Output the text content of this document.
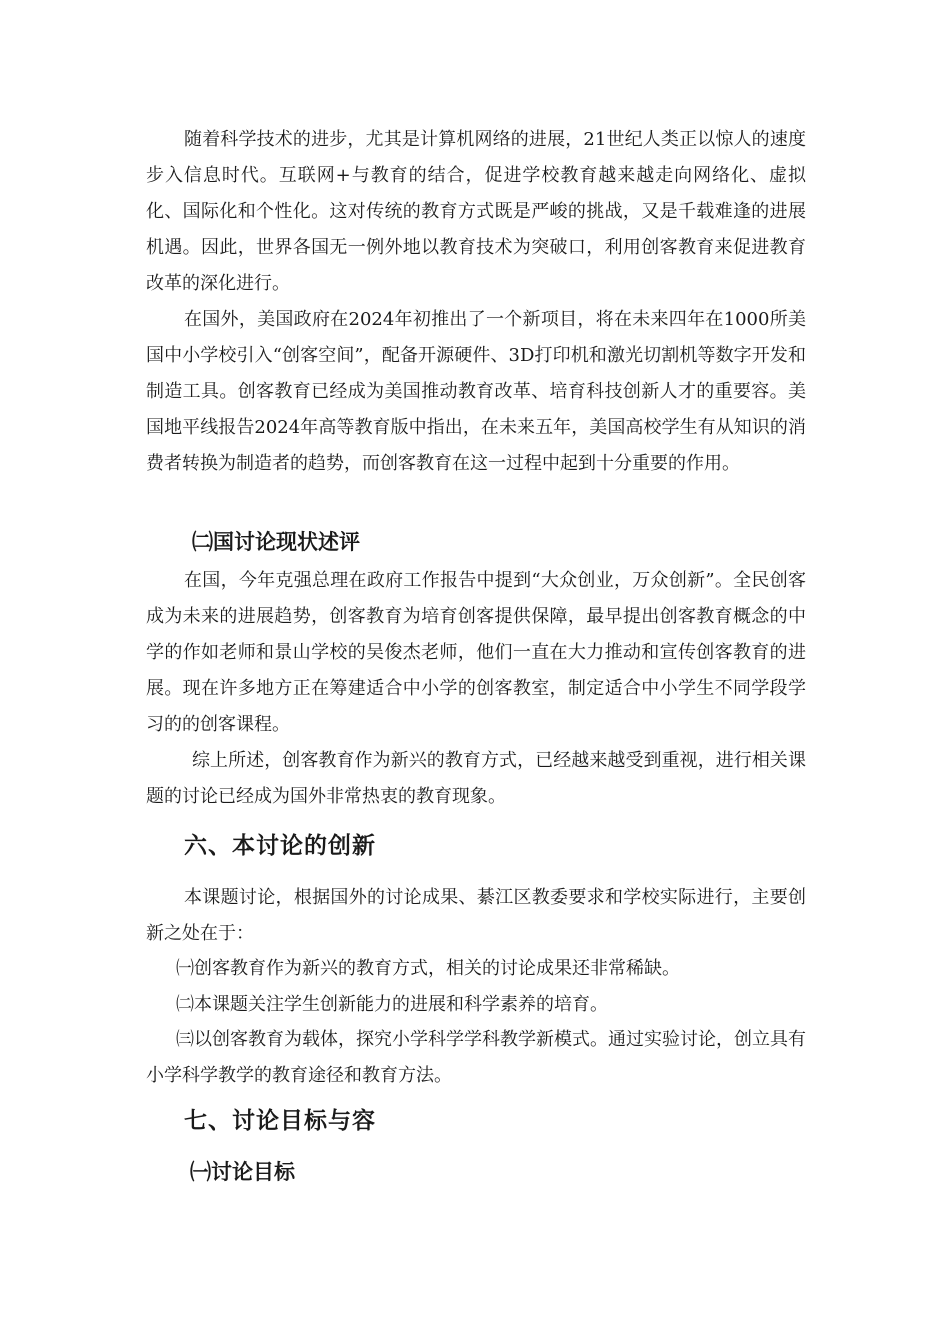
随着科学技术的进步，尤其是计算机网络的进展，21世纪人类正以惊人的速度步入信息时代。互联网+与教育的结合，促进学校教育越来越走向网络化、虚拟化、国际化和个性化。这对传统的教育方式既是严峻的挑战，又是千载难逢的进展机遇。因此，世界各国无一例外地以教育技术为突破口，利用创客教育来促进教育改革的深化进行。

在国外，美国政府在2024年初推出了一个新项目，将在未来四年在1000所美国中小学校引入“创客空间”，配备开源硬件、3D打印机和激光切割机等数字开发和制造工具。创客教育已经成为美国推动教育改革、培育科技创新人才的重要容。美国地平线报告2024年高等教育版中指出，在未来五年，美国高校学生有从知识的消费者转换为制造者的趋势，而创客教育在这一过程中起到十分重要的作用。

㈡国讨论现状述评

在国，今年克强总理在政府工作报告中提到“大众创业，万众创新”。全民创客成为未来的进展趋势，创客教育为培育创客提供保障，最早提出创客教育概念的中学的作如老师和景山学校的吴俊杰老师，他们一直在大力推动和宣传创客教育的进展。现在许多地方正在筹建适合中小学的创客教室，制定适合中小学生不同学段学习的的创客课程。

综上所述，创客教育作为新兴的教育方式，已经越来越受到重视，进行相关课题的讨论已经成为国外非常热衷的教育现象。

六、本讨论的创新

本课题讨论，根据国外的讨论成果、綦江区教委要求和学校实际进行，主要创新之处在于：

㈠创客教育作为新兴的教育方式，相关的讨论成果还非常稀缺。

㈡本课题关注学生创新能力的进展和科学素养的培育。

㈢以创客教育为载体，探究小学科学学科教学新模式。通过实验讨论，创立具有小学科学教学的教育途径和教育方法。

七、讨论目标与容
㈠讨论目标
